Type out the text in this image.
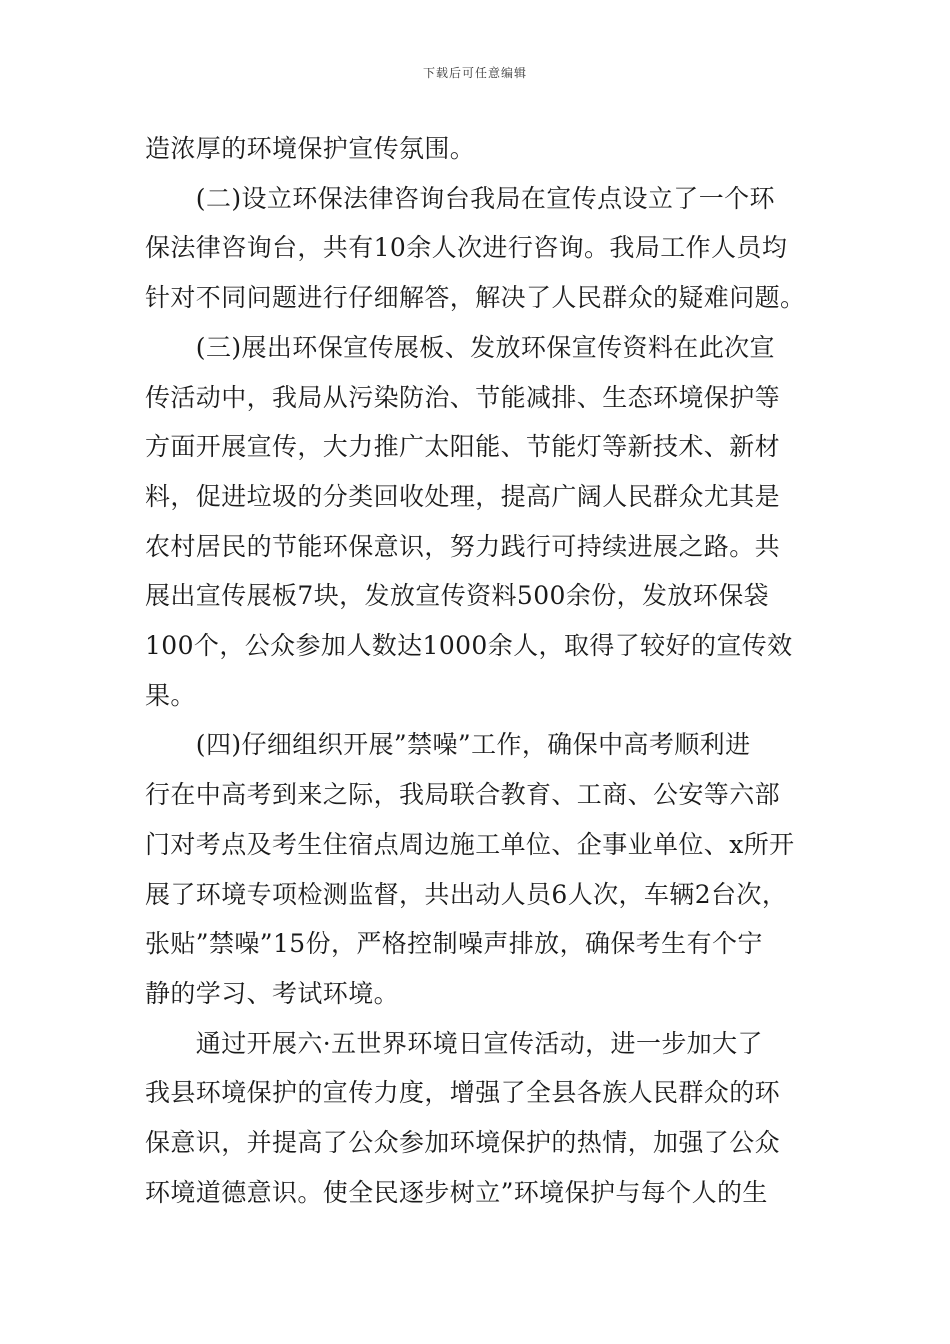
下载后可任意编辑

造浓厚的环境保护宣传氛围。

　　(二)设立环保法律咨询台我局在宣传点设立了一个环
保法律咨询台，共有10余人次进行咨询。我局工作人员均
针对不同问题进行仔细解答，解决了人民群众的疑难问题。

　　(三)展出环保宣传展板、发放环保宣传资料在此次宣
传活动中，我局从污染防治、节能减排、生态环境保护等
方面开展宣传，大力推广太阳能、节能灯等新技术、新材
料，促进垃圾的分类回收处理，提高广阔人民群众尤其是
农村居民的节能环保意识，努力践行可持续进展之路。共
展出宣传展板7块，发放宣传资料500余份，发放环保袋
100个，公众参加人数达1000余人，取得了较好的宣传效
果。

　　(四)仔细组织开展”禁噪”工作，确保中高考顺利进
行在中高考到来之际，我局联合教育、工商、公安等六部
门对考点及考生住宿点周边施工单位、企事业单位、x所开
展了环境专项检测监督，共出动人员6人次，车辆2台次，
张贴”禁噪”15份，严格控制噪声排放，确保考生有个宁
静的学习、考试环境。

　　通过开展六·五世界环境日宣传活动，进一步加大了
我县环境保护的宣传力度，增强了全县各族人民群众的环
保意识，并提高了公众参加环境保护的热情，加强了公众
环境道德意识。使全民逐步树立”环境保护与每个人的生
